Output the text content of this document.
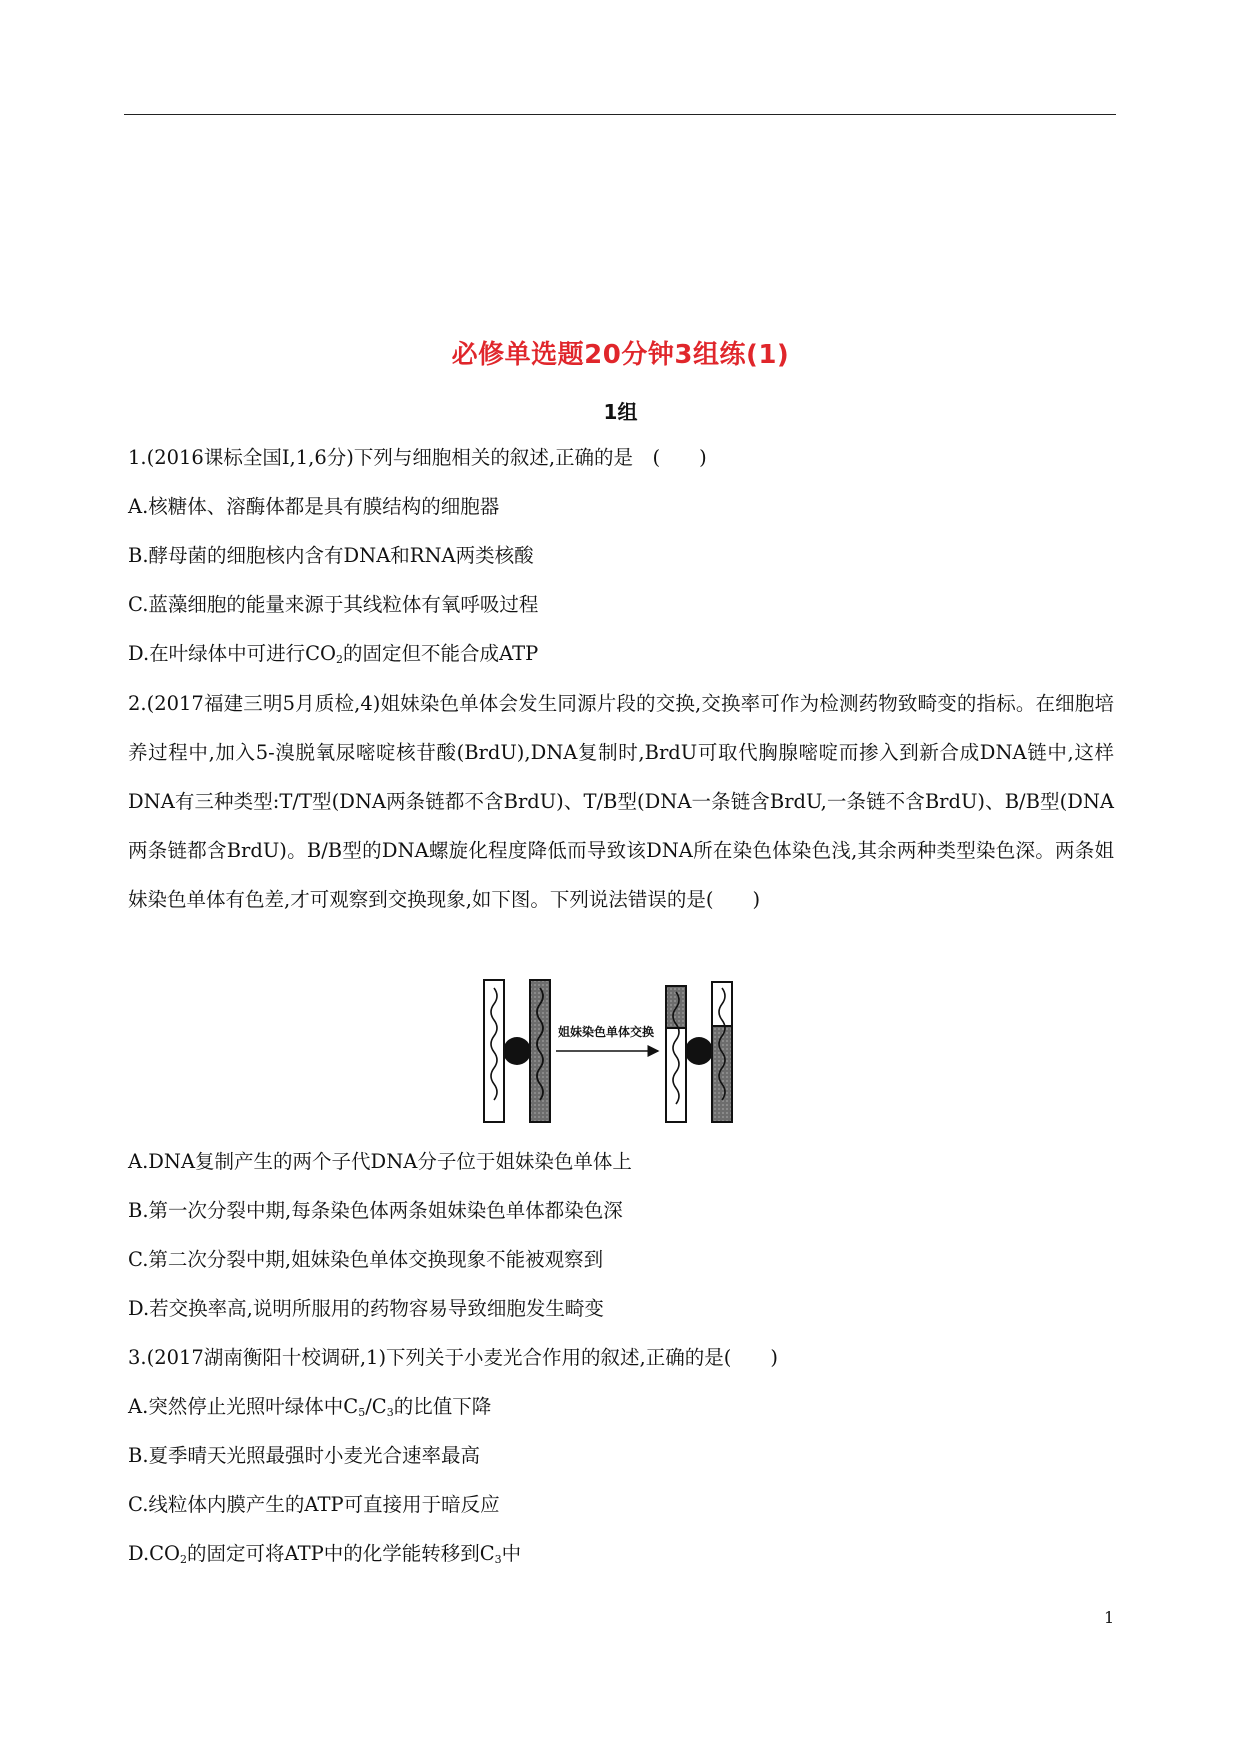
必修单选题20分钟3组练(1)
1组
1.(2016课标全国Ⅰ,1,6分)下列与细胞相关的叙述,正确的是　(　　)
A.核糖体、溶酶体都是具有膜结构的细胞器
B.酵母菌的细胞核内含有DNA和RNA两类核酸
C.蓝藻细胞的能量来源于其线粒体有氧呼吸过程
D.在叶绿体中可进行$CO_2$的固定但不能合成ATP
2.(2017福建三明5月质检,4)姐妹染色单体会发生同源片段的交换,交换率可作为检测药物致畸变的指标。在细胞培养过程中,加入5-溴脱氧尿嘧啶核苷酸(BrdU),DNA复制时,BrdU可取代胸腺嘧啶而掺入到新合成DNA链中,这样DNA有三种类型:T/T型(DNA两条链都不含BrdU)、T/B型(DNA一条链含BrdU,一条链不含BrdU)、B/B型(DNA两条链都含BrdU)。B/B型的DNA螺旋化程度降低而导致该DNA所在染色体染色浅,其余两种类型染色深。两条姐妹染色单体有色差,才可观察到交换现象,如下图。下列说法错误的是(　　)
姐妹染色单体交换
A.DNA复制产生的两个子代DNA分子位于姐妹染色单体上
B.第一次分裂中期,每条染色体两条姐妹染色单体都染色深
C.第二次分裂中期,姐妹染色单体交换现象不能被观察到
D.若交换率高,说明所服用的药物容易导致细胞发生畸变
3.(2017湖南衡阳十校调研,1)下列关于小麦光合作用的叙述,正确的是(　　)
A.突然停止光照叶绿体中$C_5/C_3$的比值下降
B.夏季晴天光照最强时小麦光合速率最高
C.线粒体内膜产生的ATP可直接用于暗反应
$D.CO_2$的固定可将ATP中的化学能转移到$C_3$中
1
